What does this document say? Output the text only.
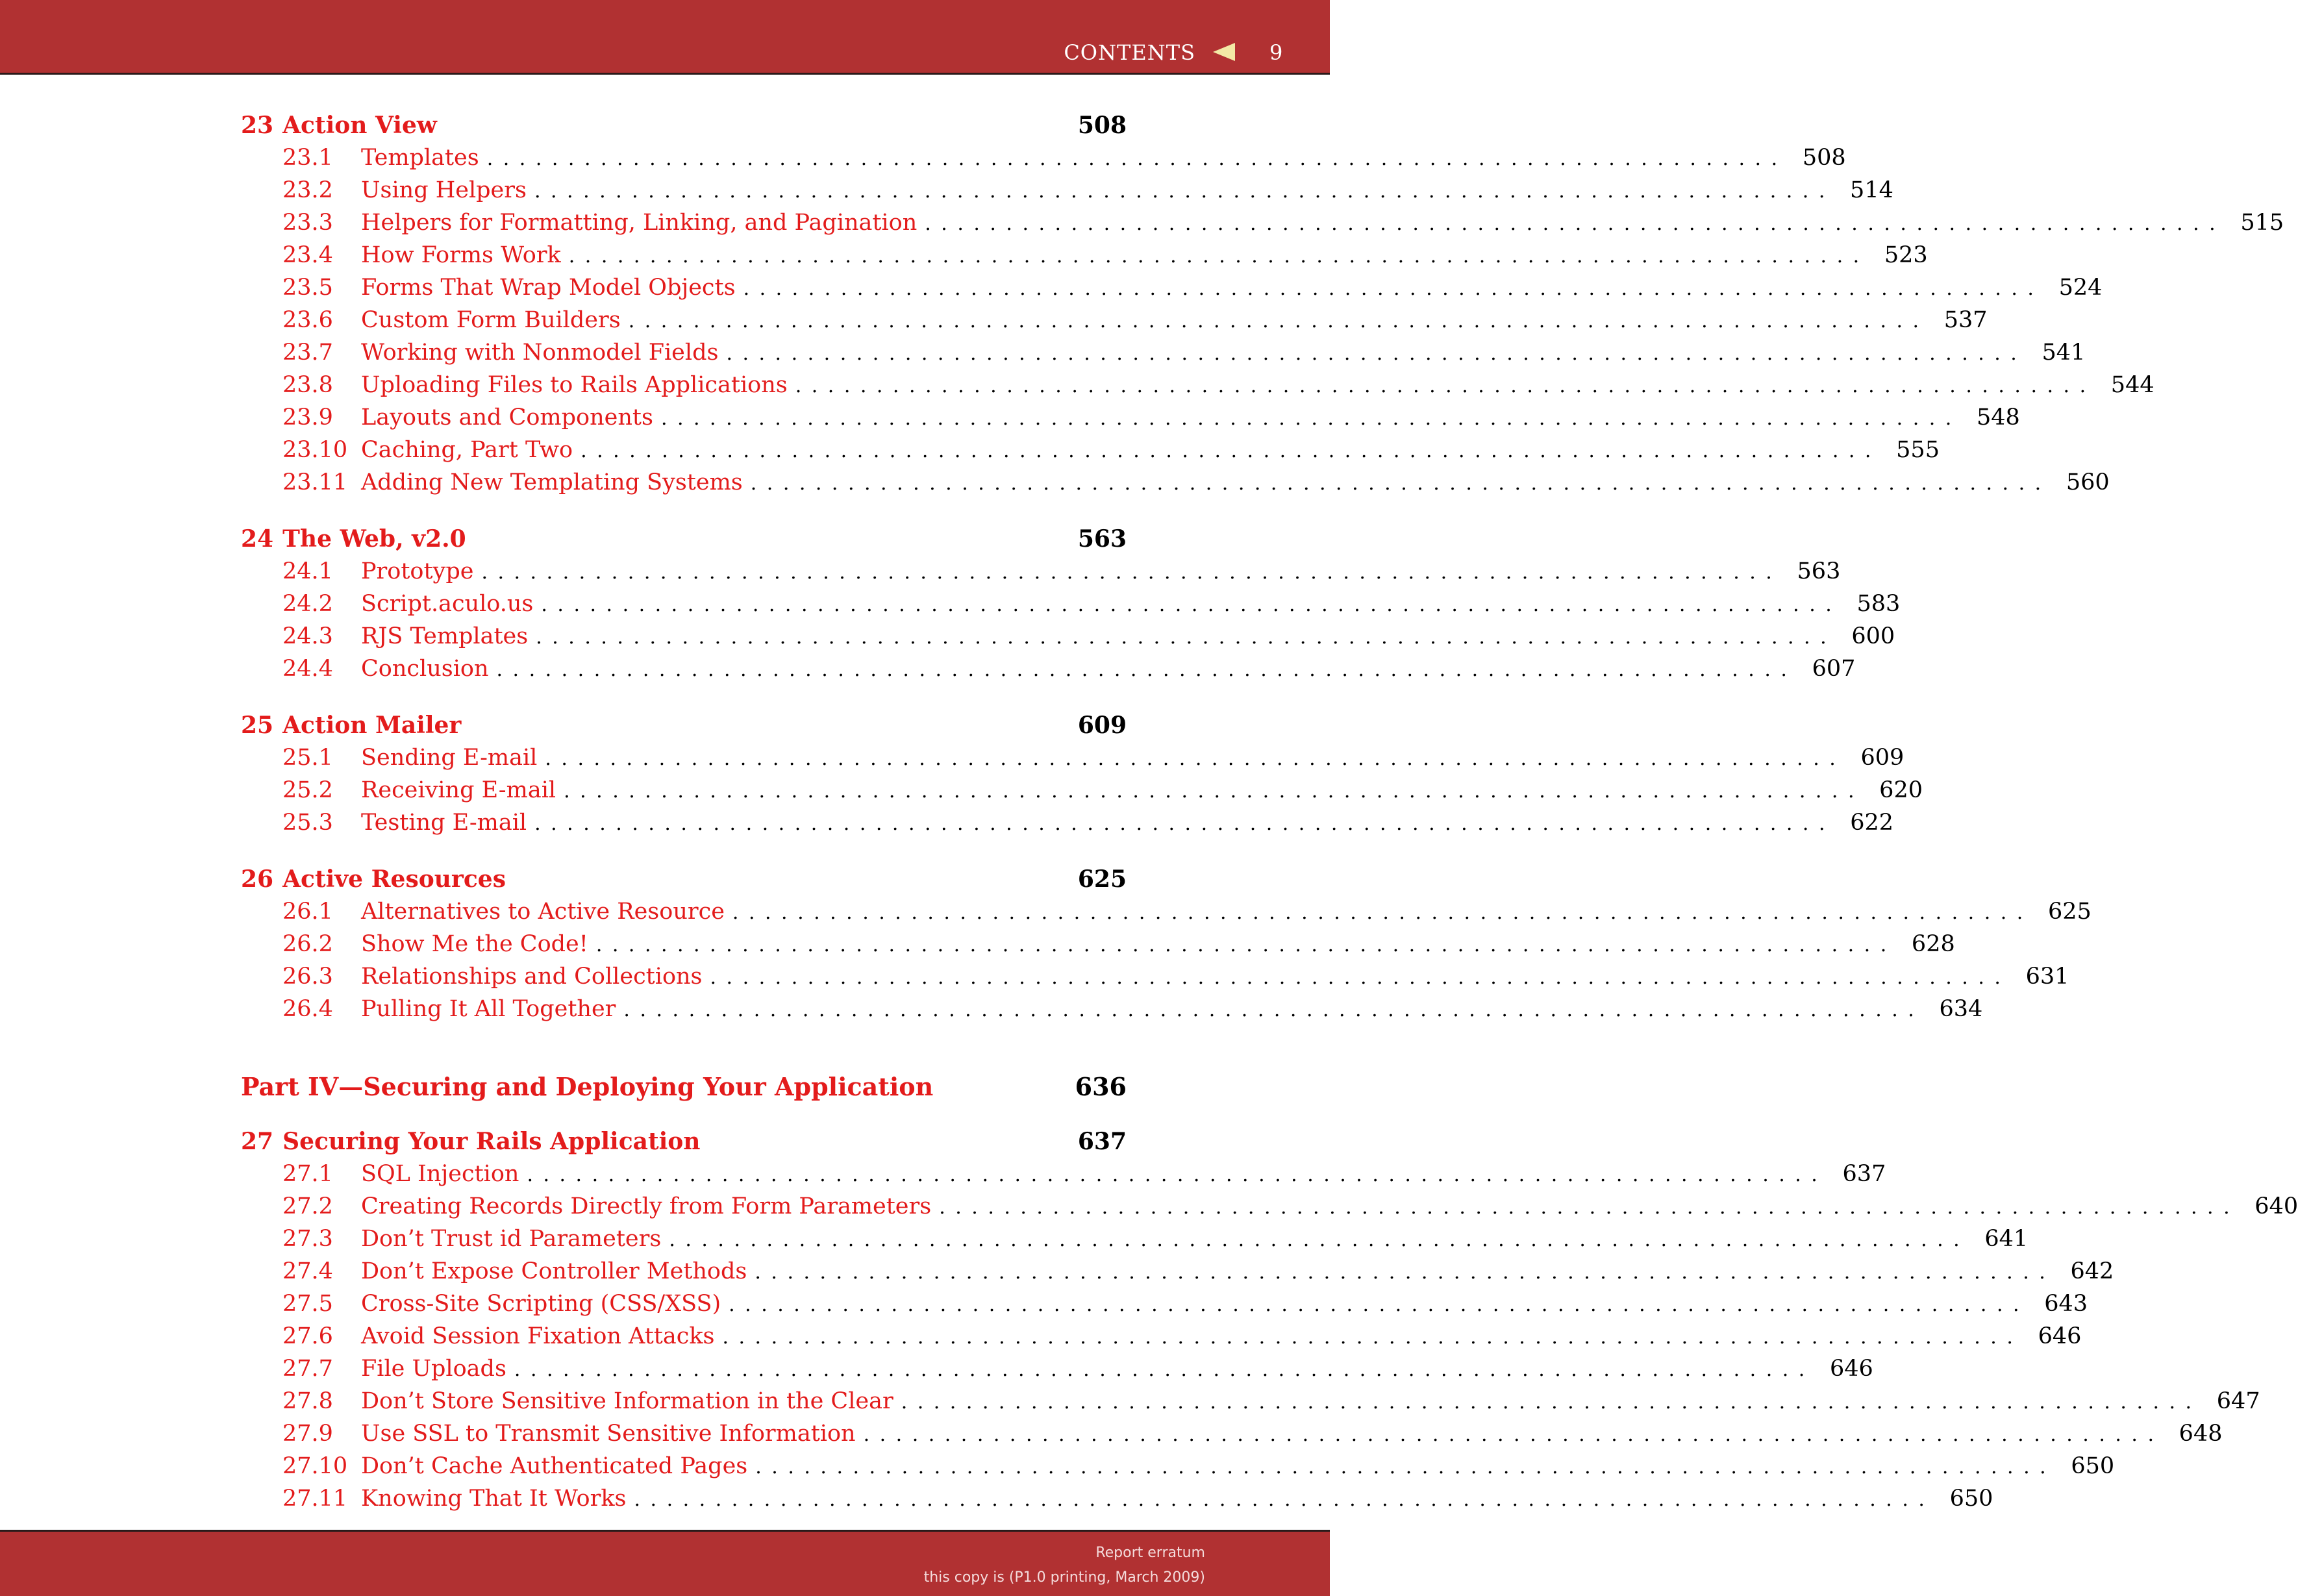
CONTENTS	9
23 Action View	508
23.1	Templates ................................................................................ 508
23.2	Using Helpers ................................................................................ 514
23.3	Helpers for Formatting, Linking, and Pagination ................................................................................ 515
23.4	How Forms Work ................................................................................ 523
23.5	Forms That Wrap Model Objects ................................................................................ 524
23.6	Custom Form Builders ................................................................................ 537
23.7	Working with Nonmodel Fields ................................................................................ 541
23.8	Uploading Files to Rails Applications ................................................................................ 544
23.9	Layouts and Components ................................................................................ 548
23.10 Caching, Part Two ................................................................................ 555
23.11 Adding New Templating Systems ................................................................................ 560
24 The Web, v2.0	563
24.1	Prototype ................................................................................ 563
24.2	Script.aculo.us ................................................................................ 583
24.3	RJS Templates ................................................................................ 600
24.4	Conclusion ................................................................................ 607
25 Action Mailer	609
25.1	Sending E-mail ................................................................................ 609
25.2	Receiving E-mail ................................................................................ 620
25.3	Testing E-mail ................................................................................ 622
26 Active Resources	625
26.1	Alternatives to Active Resource ................................................................................ 625
26.2	Show Me the Code! ................................................................................ 628
26.3	Relationships and Collections ................................................................................ 631
26.4	Pulling It All Together ................................................................................ 634
Part IV—Securing and Deploying Your Application	636
27 Securing Your Rails Application	637
27.1	SQL Injection ................................................................................ 637
27.2	Creating Records Directly from Form Parameters ................................................................................ 640
27.3	Don’t Trust id Parameters ................................................................................ 641
27.4	Don’t Expose Controller Methods ................................................................................ 642
27.5	Cross-Site Scripting (CSS/XSS) ................................................................................ 643
27.6	Avoid Session Fixation Attacks ................................................................................ 646
27.7	File Uploads ................................................................................ 646
27.8	Don’t Store Sensitive Information in the Clear ................................................................................ 647
27.9	Use SSL to Transmit Sensitive Information ................................................................................ 648
27.10 Don’t Cache Authenticated Pages ................................................................................ 650
27.11 Knowing That It Works ................................................................................ 650
Report erratum
this copy is (P1.0 printing, March 2009)
